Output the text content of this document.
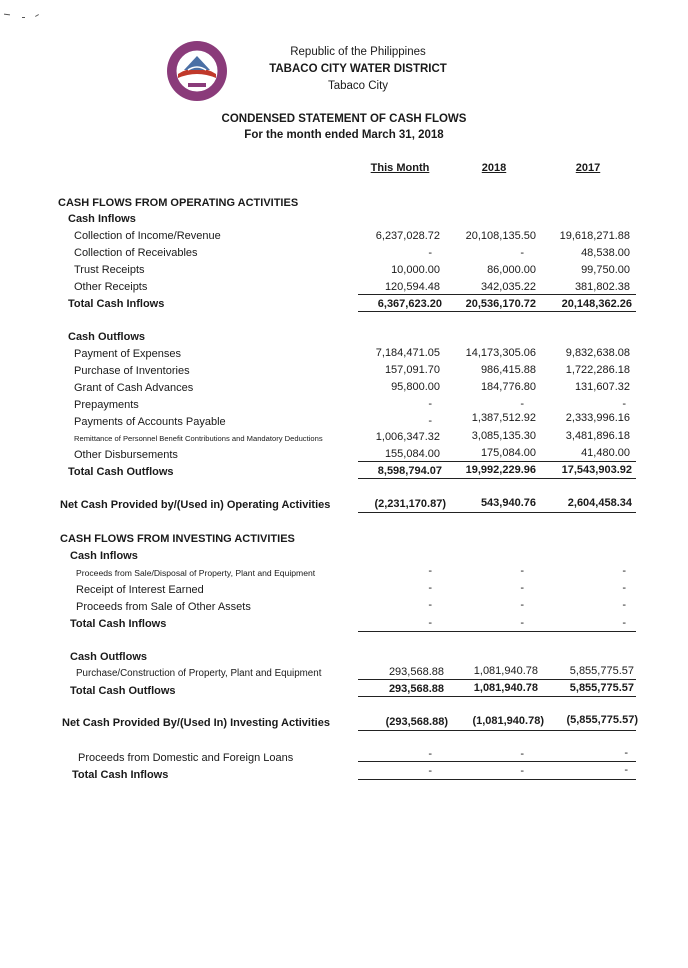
Republic of the Philippines
TABACO CITY WATER DISTRICT
Tabaco City
CONDENSED STATEMENT OF CASH FLOWS
For the month ended March 31, 2018
This Month	2018	2017
CASH FLOWS FROM OPERATING ACTIVITIES
Cash Inflows
Collection of Income/Revenue	6,237,028.72 20,108,135.50 19,618,271.88
Collection of Receivables	-	-	48,538.00
Trust Receipts	10,000.00	86,000.00	99,750.00
Other Receipts	120,594.48	342,035.22	381,802.38
Total Cash Inflows	6,367,623.20 20,536,170.72 20,148,362.26
Cash Outflows
Payment of Expenses	7,184,471.05 14,173,305.06	9,832,638.08
Purchase of Inventories	157,091.70	986,415.88	1,722,286.18
Grant of Cash Advances	95,800.00	184,776.80	131,607.32
Prepayments	-	-	-
Payments of Accounts Payable	-	1,387,512.92	2,333,996.16
Remittance of Personnel Benefit Contributions and Mandatory Deductions	1,006,347.32	3,085,135.30	3,481,896.18
Other Disbursements	155,084.00	175,084.00	41,480.00
Total Cash Outflows	8,598,794.07 19,992,229.96 17,543,903.92
Net Cash Provided by/(Used in) Operating Activities	(2,231,170.87)	543,940.76	2,604,458.34
CASH FLOWS FROM INVESTING ACTIVITIES
Cash Inflows
Proceeds from Sale/Disposal of Property, Plant and Equipment	-	-	-
Receipt of Interest Earned	-	-	-
Proceeds from Sale of Other Assets	-	-	-
Total Cash Inflows	-	-	-
Cash Outflows
Purchase/Construction of Property, Plant and Equipment	293,568.88	1,081,940.78	5,855,775.57
Total Cash Outflows	293,568.88	1,081,940.78	5,855,775.57
Net Cash Provided By/(Used In) Investing Activities	(293,568.88) (1,081,940.78) (5,855,775.57)
Proceeds from Domestic and Foreign Loans	-	-	-
Total Cash Inflows	-	-	-
